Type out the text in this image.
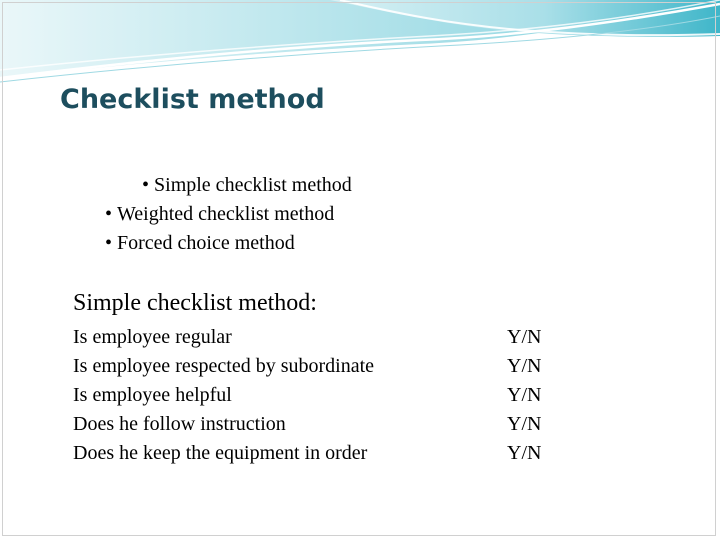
Checklist method
• Simple checklist method
• Weighted checklist method
• Forced choice method
Simple checklist method:
Is employee regular
Is employee respected by subordinate
Is employee helpful
Does he follow instruction
Does he keep the equipment in order
Y/N
Y/N
Y/N
Y/N
Y/N
